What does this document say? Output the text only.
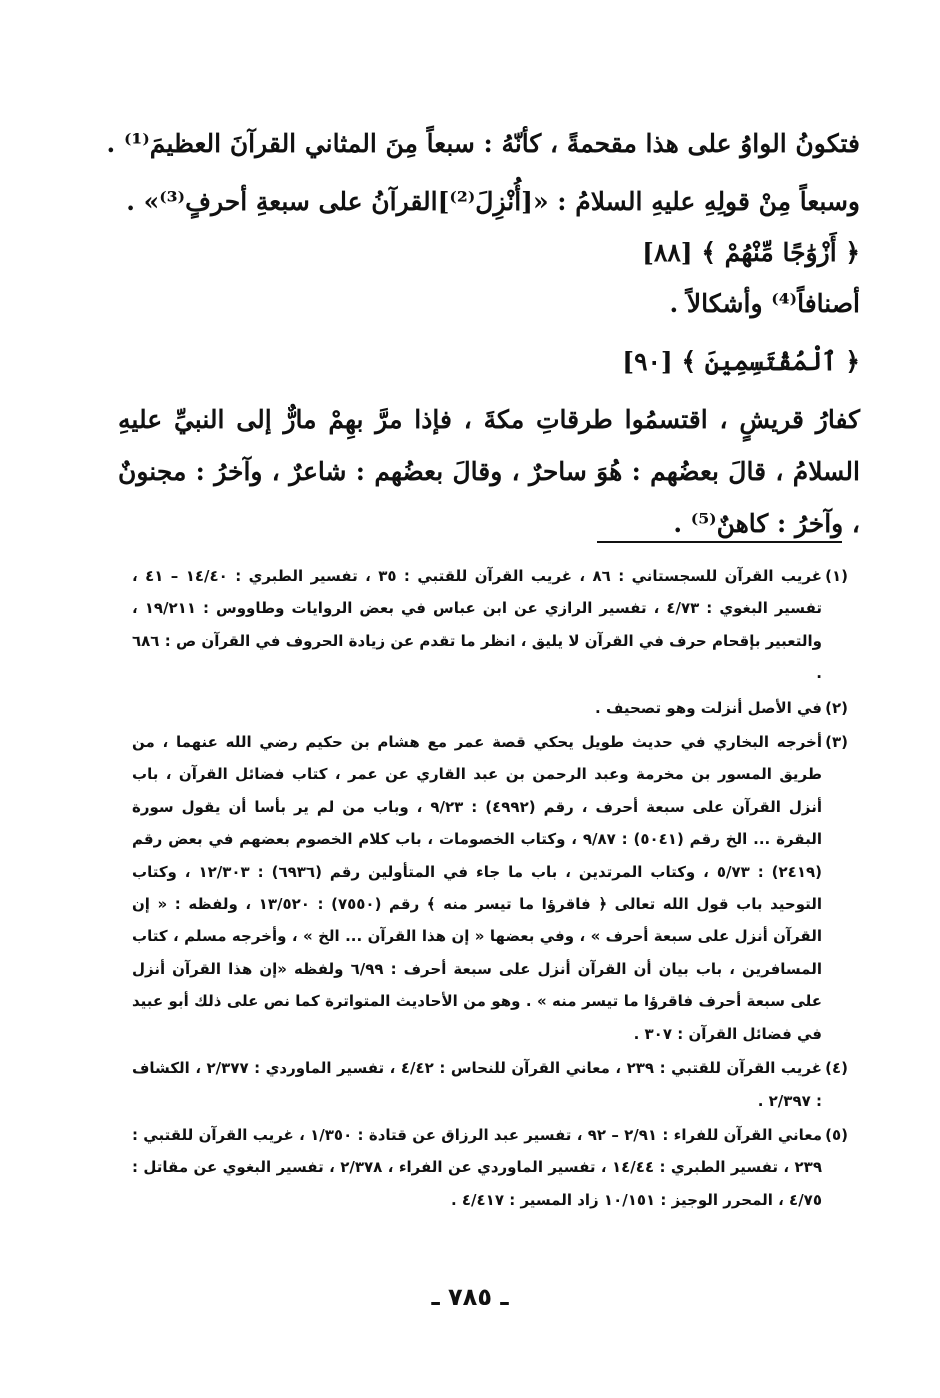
فتكونُ الواوُ على هذا مقحمةً ، كأنّهُ : سبعاً مِنَ المثاني القرآنَ العظيمَ⁽¹⁾ .
وسبعاً مِنْ قولِهِ عليهِ السلامُ : «[أُنْزِلَ⁽²⁾]القرآنُ على سبعةِ أحرفٍ⁽³⁾» .
﴿ أَزْوَٰجًا مِّنْهُمْ ﴾ [٨٨]
أصنافاً⁽⁴⁾ وأشكالاً .
﴿ ٱلْمُقْتَسِمِينَ ﴾ [٩٠]
كفارُ قريشٍ ، اقتسمُوا طرقاتِ مكةَ ، فإذا مرَّ بهِمْ مارٌّ إلى النبيِّ عليهِ السلامُ ، قالَ بعضُهم : هُوَ ساحرٌ ، وقالَ بعضُهم : شاعرٌ ، وآخرُ : مجنونٌ ، وآخرُ : كاهنٌ⁽⁵⁾ .
(١)
غريب القرآن للسجستاني : ٨٦ ، غريب القرآن للقتبي : ٣٥ ، تفسير الطبري : ١٤/٤٠ – ٤١ ، تفسير البغوي : ٤/٧٣ ، تفسير الرازي عن ابن عباس في بعض الروايات وطاووس : ١٩/٢١١ ، والتعبير بإقحام حرف في القرآن لا يليق ، انظر ما تقدم عن زيادة الحروف في القرآن ص : ٦٨٦ .
(٢)
في الأصل أنزلت وهو تصحيف .
(٣)
أخرجه البخاري في حديث طويل يحكي قصة عمر مع هشام بن حكيم رضي الله عنهما ، من طريق المسور بن مخرمة وعبد الرحمن بن عبد القاري عن عمر ، كتاب فضائل القرآن ، باب أنزل القرآن على سبعة أحرف ، رقم (٤٩٩٢) : ٩/٢٣ ، وباب من لم ير بأسا أن يقول سورة البقرة ... الخ رقم (٥٠٤١) : ٩/٨٧ ، وكتاب الخصومات ، باب كلام الخصوم بعضهم في بعض رقم (٢٤١٩) : ٥/٧٣ ، وكتاب المرتدين ، باب ما جاء في المتأولين رقم (٦٩٣٦) : ١٢/٣٠٣ ، وكتاب التوحيد باب قول الله تعالى ﴿ فاقرؤا ما تيسر منه ﴾ رقم (٧٥٥٠) : ١٣/٥٢٠ ، ولفظه : « إن القرآن أنزل على سبعة أحرف » ، وفي بعضها « إن هذا القرآن ... الخ » ، وأخرجه مسلم ، كتاب المسافرين ، باب بيان أن القرآن أنزل على سبعة أحرف : ٦/٩٩ ولفظه «إن هذا القرآن أنزل على سبعة أحرف فاقرؤا ما تيسر منه » . وهو من الأحاديث المتواترة كما نص على ذلك أبو عبيد في فضائل القرآن : ٣٠٧ .
(٤)
غريب القرآن للقتبي : ٢٣٩ ، معاني القرآن للنحاس : ٤/٤٢ ، تفسير الماوردي : ٢/٣٧٧ ، الكشاف : ٢/٣٩٧ .
(٥)
معاني القرآن للفراء : ٢/٩١ – ٩٢ ، تفسير عبد الرزاق عن قتادة : ١/٣٥٠ ، غريب القرآن للقتبي : ٢٣٩ ، تفسير الطبري : ١٤/٤٤ ، تفسير الماوردي عن الفراء ، ٢/٣٧٨ ، تفسير البغوي عن مقاتل : ٤/٧٥ ، المحرر الوجيز : ١٠/١٥١ زاد المسير : ٤/٤١٧ .
ـ ٧٨٥ ـ
